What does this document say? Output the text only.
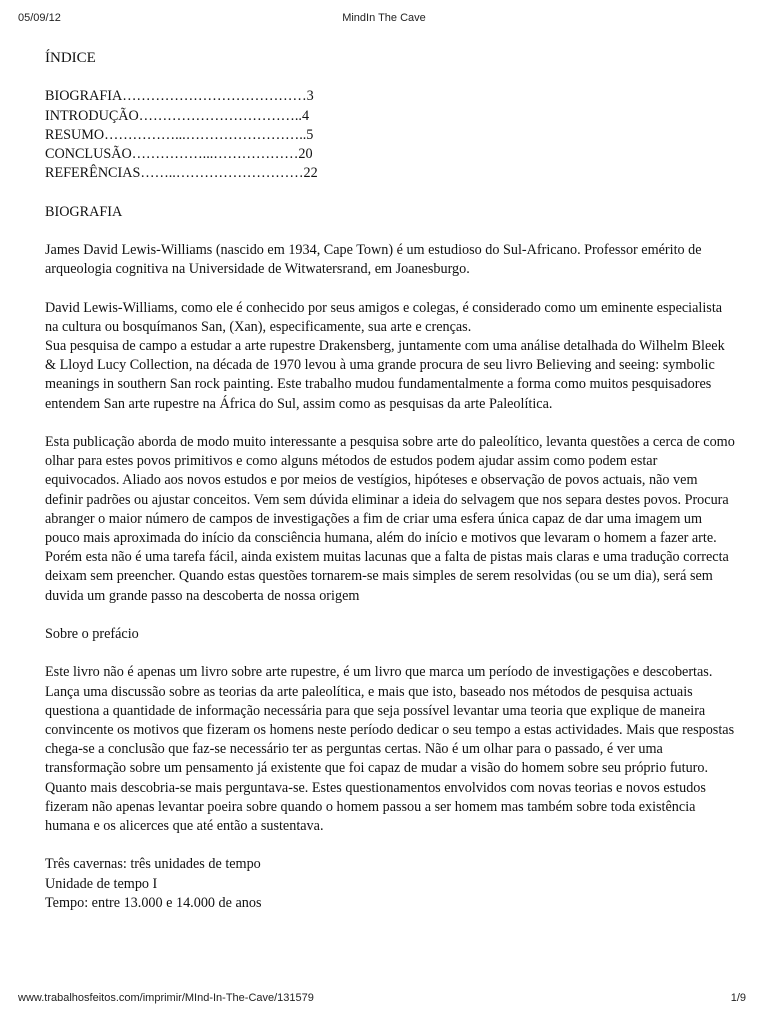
05/09/12	MindIn The Cave
ÍNDICE
BIOGRAFIA…………………………………3
INTRODUÇÃO……………………………..4
RESUMO……………...……………………..5
CONCLUSÃO……………...………………20
REFERÊNCIAS……..………………………22

BIOGRAFIA

James David Lewis-Williams (nascido em 1934, Cape Town) é um estudioso do Sul-Africano. Professor emérito de arqueologia cognitiva na Universidade de Witwatersrand, em Joanesburgo.

David Lewis-Williams, como ele é conhecido por seus amigos e colegas, é considerado como um eminente especialista na cultura ou bosquímanos San, (Xan), especificamente, sua arte e crenças.

Sua pesquisa de campo a estudar a arte rupestre Drakensberg, juntamente com uma análise detalhada do Wilhelm Bleek & Lloyd Lucy Collection, na década de 1970 levou à uma grande procura de seu livro Believing and seeing: symbolic meanings in southern San rock painting. Este trabalho mudou fundamentalmente a forma como muitos pesquisadores entendem San arte rupestre na África do Sul, assim como as pesquisas da arte Paleolítica.

Esta publicação aborda de modo muito interessante a pesquisa sobre arte do paleolítico, levanta questões a cerca de como olhar para estes povos primitivos e como alguns métodos de estudos podem ajudar assim como podem estar equivocados. Aliado aos novos estudos e por meios de vestígios, hipóteses e observação de povos actuais, não vem definir padrões ou ajustar conceitos. Vem sem dúvida eliminar a ideia do selvagem que nos separa destes povos. Procura abranger o maior número de campos de investigações a fim de criar uma esfera única capaz de dar uma imagem um pouco mais aproximada do início da consciência humana, além do início e motivos que levaram o homem a fazer arte. Porém esta não é uma tarefa fácil, ainda existem muitas lacunas que a falta de pistas mais claras e uma tradução correcta deixam sem preencher. Quando estas questões tornarem-se mais simples de serem resolvidas (ou se um dia), será sem duvida um grande passo na descoberta de nossa origem

Sobre o prefácio

Este livro não é apenas um livro sobre arte rupestre, é um livro que marca um período de investigações e descobertas. Lança uma discussão sobre as teorias da arte paleolítica, e mais que isto, baseado nos métodos de pesquisa actuais questiona a quantidade de informação necessária para que seja possível levantar uma teoria que explique de maneira convincente os motivos que fizeram os homens neste período dedicar o seu tempo a estas actividades. Mais que respostas chega-se a conclusão que faz-se necessário ter as perguntas certas. Não é um olhar para o passado, é ver uma transformação sobre um pensamento já existente que foi capaz de mudar a visão do homem sobre seu próprio futuro. Quanto mais descobria-se mais perguntava-se. Estes questionamentos envolvidos com novas teorias e novos estudos fizeram não apenas levantar poeira sobre quando o homem passou a ser homem mas também sobre toda existência humana e os alicerces que até então a sustentava.

Três cavernas: três unidades de tempo
Unidade de tempo I
Tempo: entre 13.000 e 14.000 de anos
www.trabalhosfeitos.com/imprimir/MInd-In-The-Cave/131579	1/9
